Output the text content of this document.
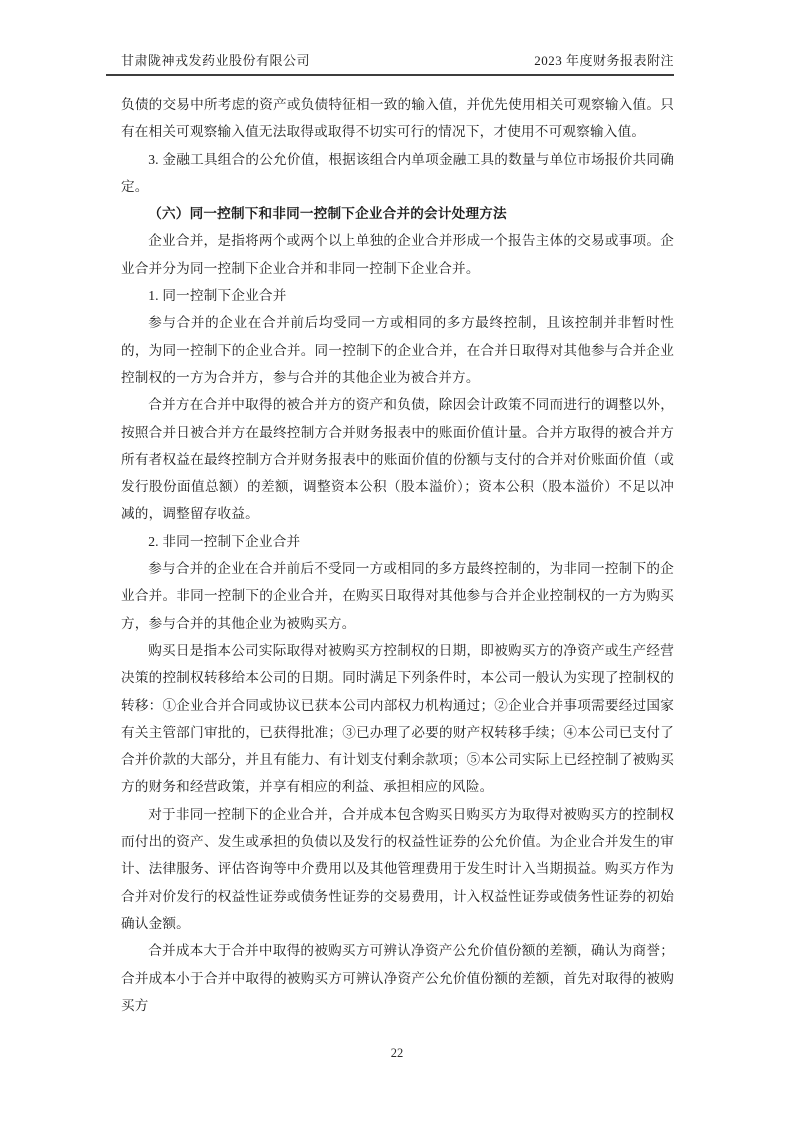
甘肃陇神戎发药业股份有限公司	2023 年度财务报表附注

负债的交易中所考虑的资产或负债特征相一致的输入值，并优先使用相关可观察输入值。只有在相关可观察输入值无法取得或取得不切实可行的情况下，才使用不可观察输入值。

3. 金融工具组合的公允价值，根据该组合内单项金融工具的数量与单位市场报价共同确定。

（六）同一控制下和非同一控制下企业合并的会计处理方法

企业合并，是指将两个或两个以上单独的企业合并形成一个报告主体的交易或事项。企业合并分为同一控制下企业合并和非同一控制下企业合并。

1. 同一控制下企业合并

参与合并的企业在合并前后均受同一方或相同的多方最终控制，且该控制并非暂时性的，为同一控制下的企业合并。同一控制下的企业合并，在合并日取得对其他参与合并企业控制权的一方为合并方，参与合并的其他企业为被合并方。

合并方在合并中取得的被合并方的资产和负债，除因会计政策不同而进行的调整以外，按照合并日被合并方在最终控制方合并财务报表中的账面价值计量。合并方取得的被合并方所有者权益在最终控制方合并财务报表中的账面价值的份额与支付的合并对价账面价值（或发行股份面值总额）的差额，调整资本公积（股本溢价）；资本公积（股本溢价）不足以冲减的，调整留存收益。

2. 非同一控制下企业合并

参与合并的企业在合并前后不受同一方或相同的多方最终控制的，为非同一控制下的企业合并。非同一控制下的企业合并，在购买日取得对其他参与合并企业控制权的一方为购买方，参与合并的其他企业为被购买方。

购买日是指本公司实际取得对被购买方控制权的日期，即被购买方的净资产或生产经营决策的控制权转移给本公司的日期。同时满足下列条件时，本公司一般认为实现了控制权的转移：①企业合并合同或协议已获本公司内部权力机构通过；②企业合并事项需要经过国家有关主管部门审批的，已获得批准；③已办理了必要的财产权转移手续；④本公司已支付了合并价款的大部分，并且有能力、有计划支付剩余款项；⑤本公司实际上已经控制了被购买方的财务和经营政策，并享有相应的利益、承担相应的风险。

对于非同一控制下的企业合并，合并成本包含购买日购买方为取得对被购买方的控制权而付出的资产、发生或承担的负债以及发行的权益性证券的公允价值。为企业合并发生的审计、法律服务、评估咨询等中介费用以及其他管理费用于发生时计入当期损益。购买方作为合并对价发行的权益性证券或债务性证券的交易费用，计入权益性证券或债务性证券的初始确认金额。

合并成本大于合并中取得的被购买方可辨认净资产公允价值份额的差额，确认为商誉；合并成本小于合并中取得的被购买方可辨认净资产公允价值份额的差额，首先对取得的被购买方

22
